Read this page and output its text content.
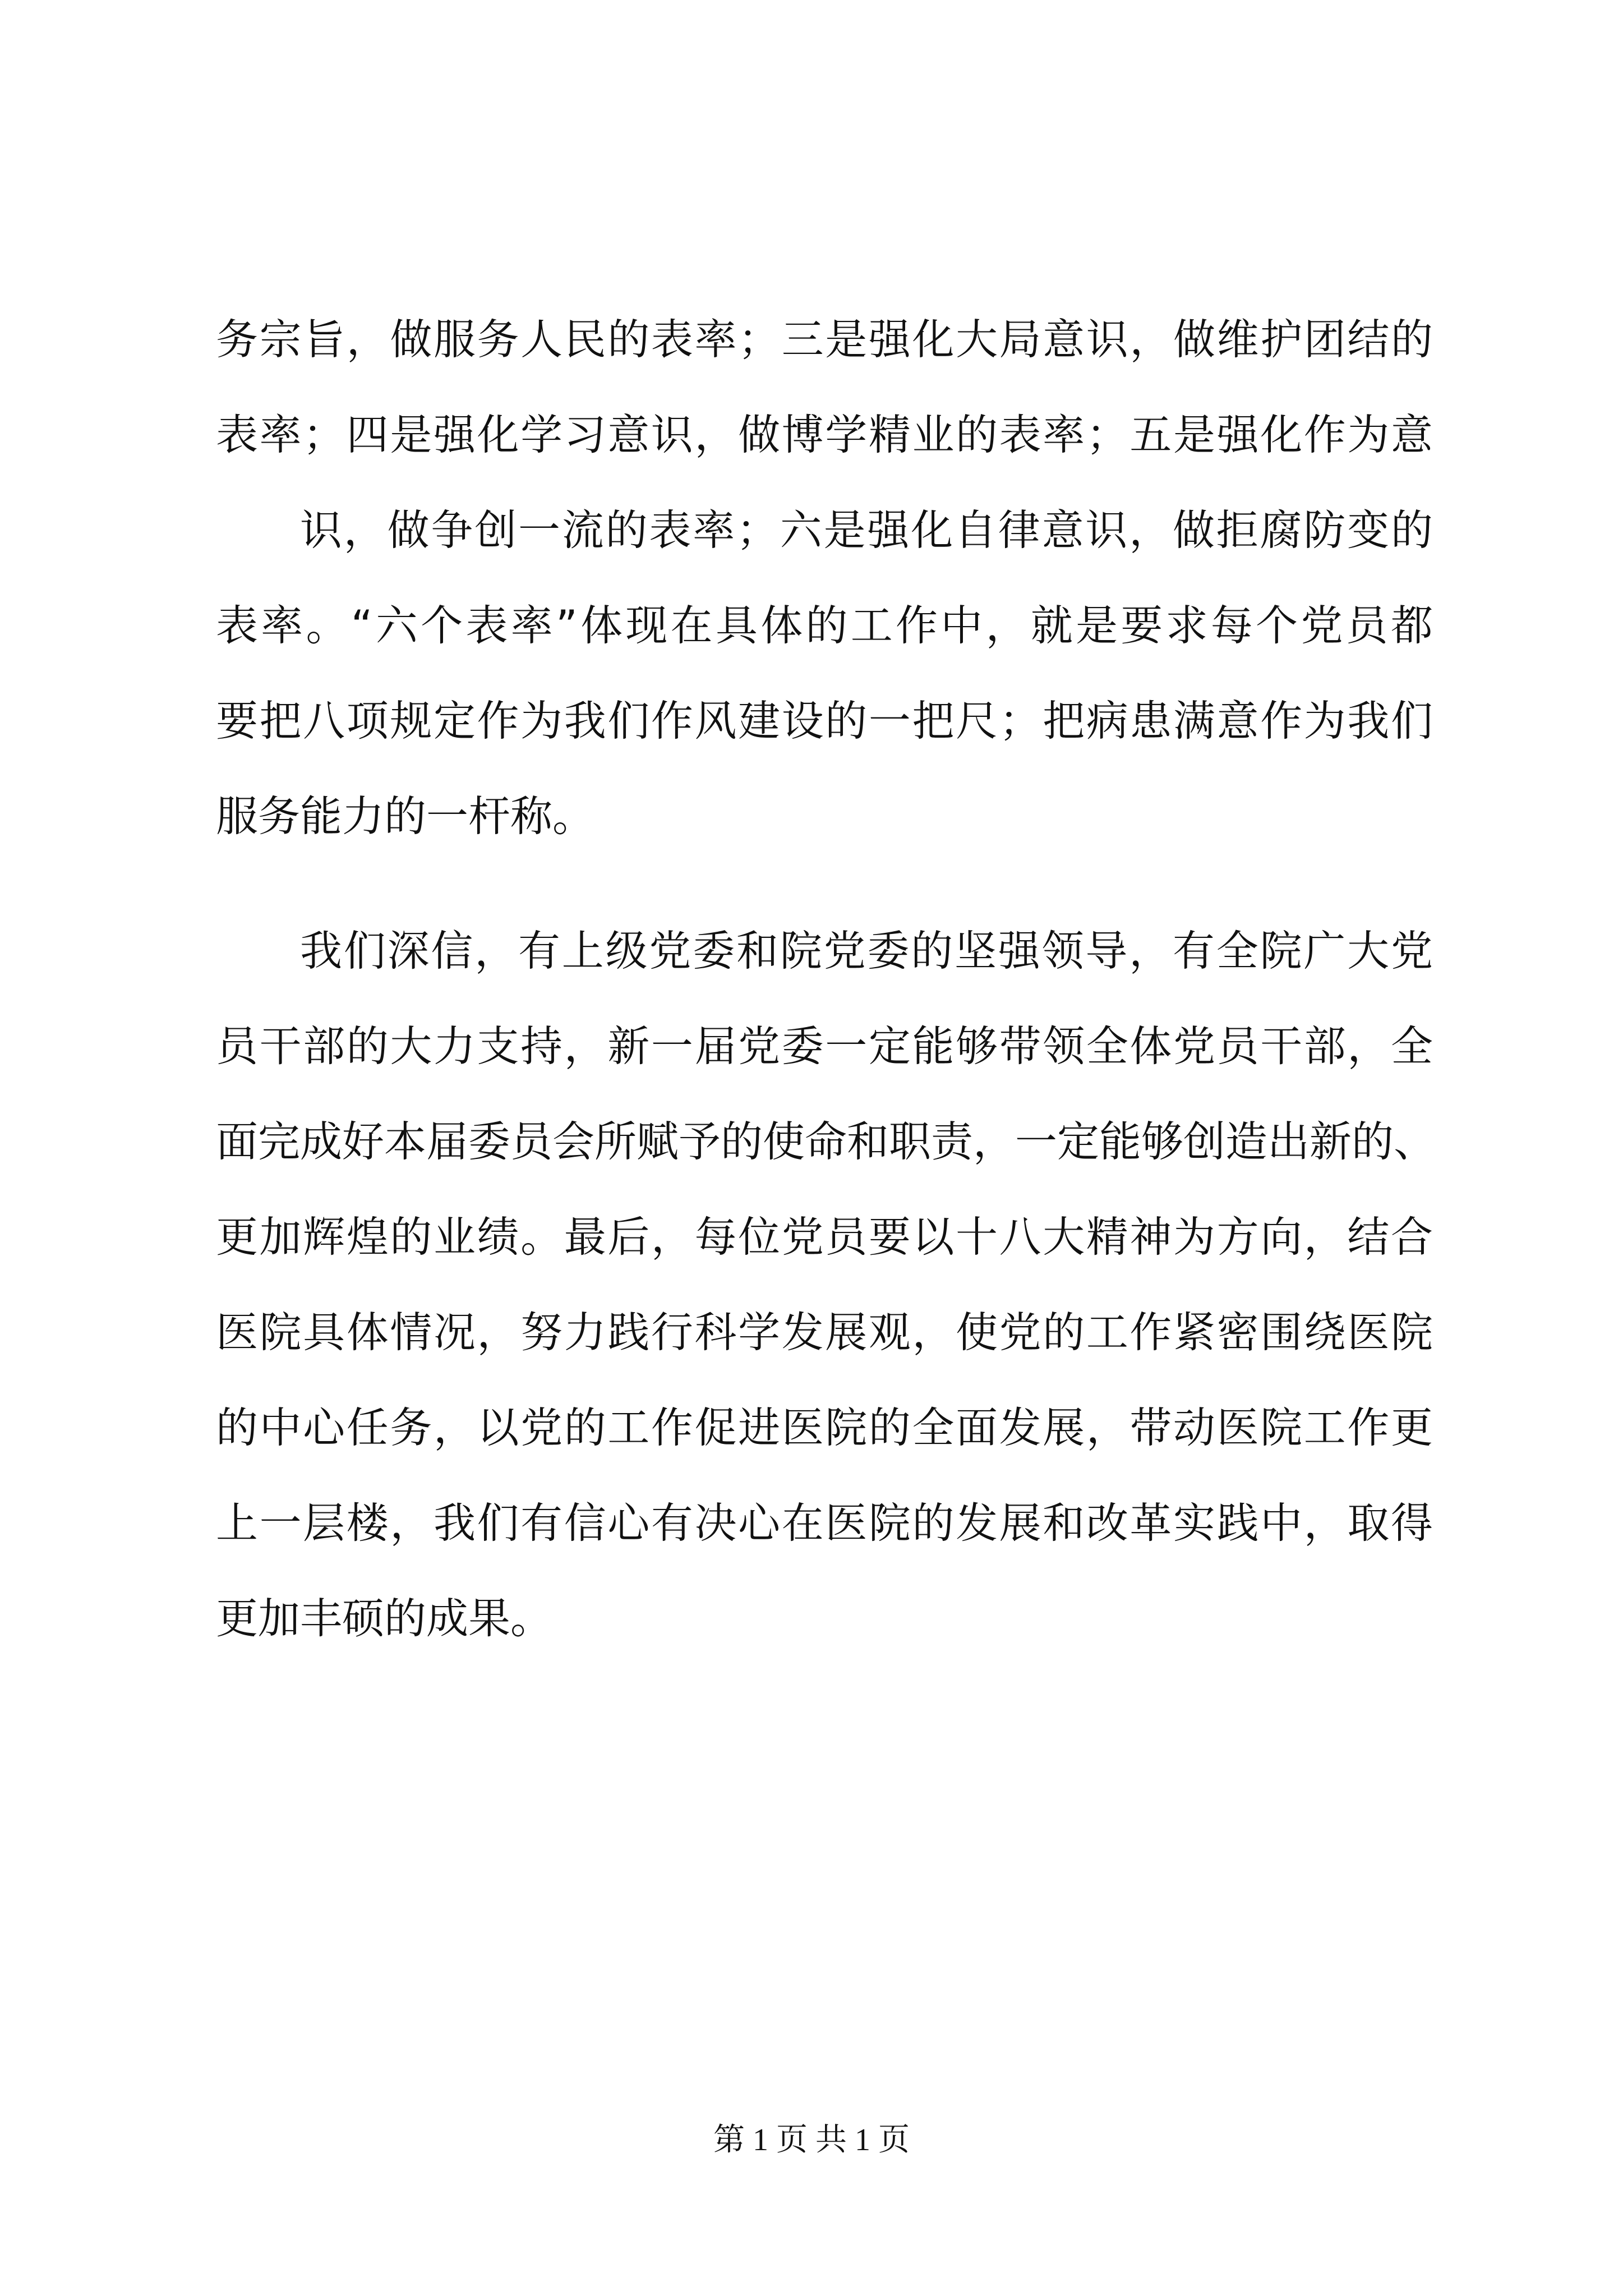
务宗旨，做服务人民的表率；三是强化大局意识，做维护团结的

表率；四是强化学习意识，做博学精业的表率；五是强化作为意

识，做争创一流的表率；六是强化自律意识，做拒腐防变的

表率。“六个表率”体现在具体的工作中，就是要求每个党员都

要把八项规定作为我们作风建设的一把尺；把病患满意作为我们

服务能力的一杆称。

我们深信，有上级党委和院党委的坚强领导，有全院广大党

员干部的大力支持，新一届党委一定能够带领全体党员干部，全

面完成好本届委员会所赋予的使命和职责，一定能够创造出新的、

更加辉煌的业绩。最后，每位党员要以十八大精神为方向，结合

医院具体情况，努力践行科学发展观，使党的工作紧密围绕医院

的中心任务，以党的工作促进医院的全面发展，带动医院工作更

上一层楼，我们有信心有决心在医院的发展和改革实践中，取得

更加丰硕的成果。

第 1 页 共 1 页
